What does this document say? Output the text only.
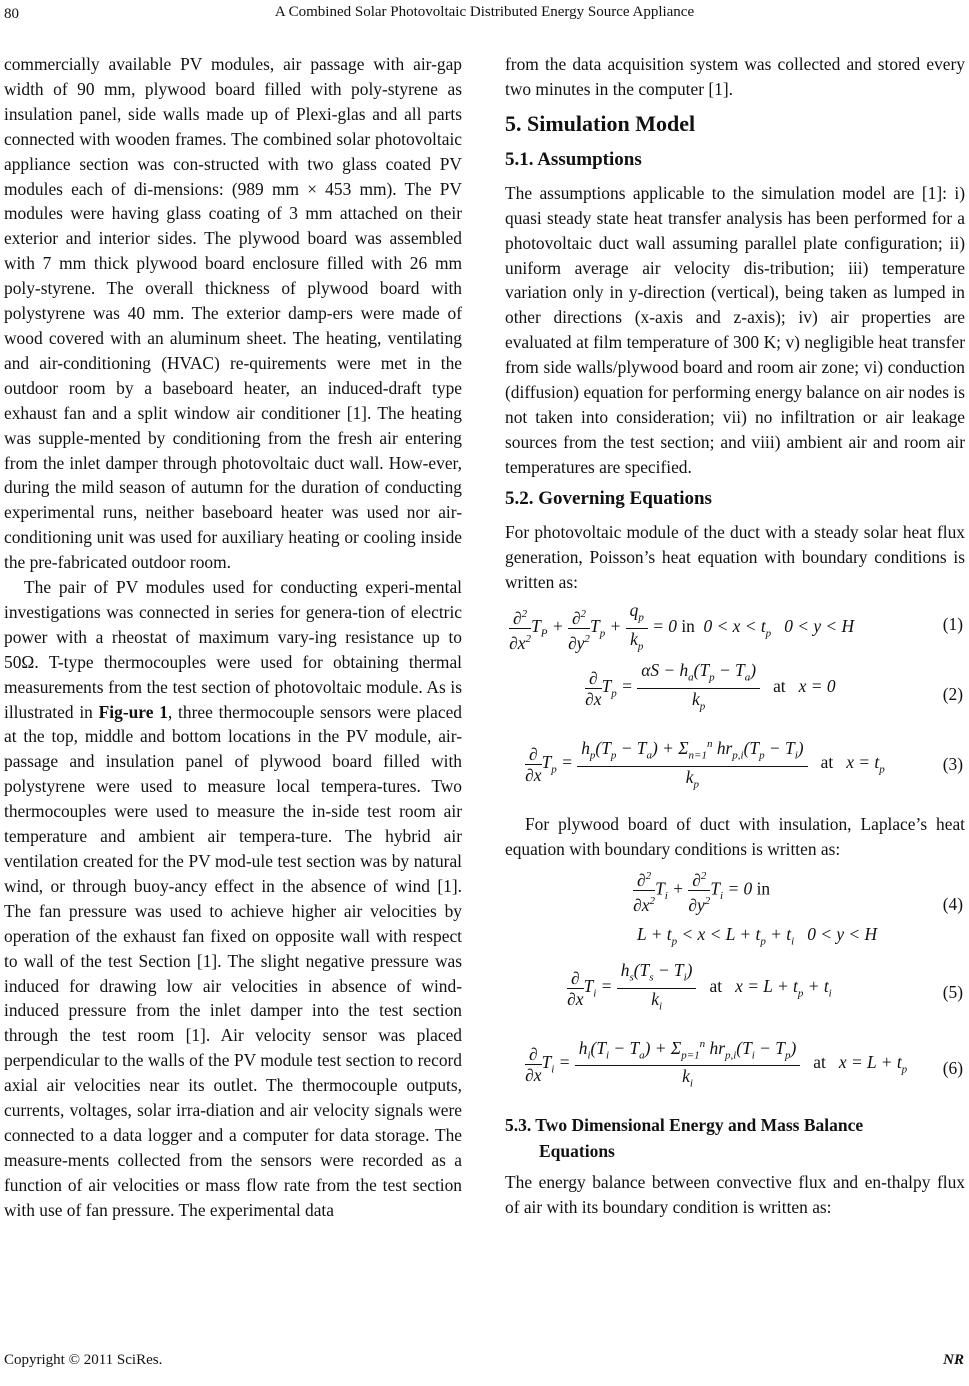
80	A Combined Solar Photovoltaic Distributed Energy Source Appliance

commercially available PV modules, air passage with air-gap width of 90 mm, plywood board filled with poly-styrene as insulation panel, side walls made up of Plexi-glas and all parts connected with wooden frames. The combined solar photovoltaic appliance section was con-structed with two glass coated PV modules each of di-mensions: (989 mm × 453 mm). The PV modules were having glass coating of 3 mm attached on their exterior and interior sides. The plywood board was assembled with 7 mm thick plywood board enclosure filled with 26 mm poly-styrene. The overall thickness of plywood board with polystyrene was 40 mm. The exterior damp-ers were made of wood covered with an aluminum sheet. The heating, ventilating and air-conditioning (HVAC) re-quirements were met in the outdoor room by a baseboard heater, an induced-draft type exhaust fan and a split window air conditioner [1]. The heating was supple-mented by conditioning from the fresh air entering from the inlet damper through photovoltaic duct wall. How-ever, during the mild season of autumn for the duration of conducting experimental runs, neither baseboard heater was used nor air-conditioning unit was used for auxiliary heating or cooling inside the pre-fabricated outdoor room.

The pair of PV modules used for conducting experi-mental investigations was connected in series for genera-tion of electric power with a rheostat of maximum vary-ing resistance up to 50Ω. T-type thermocouples were used for obtaining thermal measurements from the test section of photovoltaic module. As is illustrated in Fig-ure 1, three thermocouple sensors were placed at the top, middle and bottom locations in the PV module, air-passage and insulation panel of plywood board filled with polystyrene were used to measure local tempera-tures. Two thermocouples were used to measure the in-side test room air temperature and ambient air tempera-ture. The hybrid air ventilation created for the PV mod-ule test section was by natural wind, or through buoy-ancy effect in the absence of wind [1]. The fan pressure was used to achieve higher air velocities by operation of the exhaust fan fixed on opposite wall with respect to wall of the test Section [1]. The slight negative pressure was induced for drawing low air velocities in absence of wind-induced pressure from the inlet damper into the test section through the test room [1]. Air velocity sensor was placed perpendicular to the walls of the PV module test section to record axial air velocities near its outlet. The thermocouple outputs, currents, voltages, solar irra-diation and air velocity signals were connected to a data logger and a computer for data storage. The measure-ments collected from the sensors were recorded as a function of air velocities or mass flow rate from the test section with use of fan pressure. The experimental data

from the data acquisition system was collected and stored every two minutes in the computer [1].

5. Simulation Model
5.1. Assumptions

The assumptions applicable to the simulation model are [1]: i) quasi steady state heat transfer analysis has been performed for a photovoltaic duct wall assuming parallel plate configuration; ii) uniform average air velocity dis-tribution; iii) temperature variation only in y-direction (vertical), being taken as lumped in other directions (x-axis and z-axis); iv) air properties are evaluated at film temperature of 300 K; v) negligible heat transfer from side walls/plywood board and room air zone; vi) conduction (diffusion) equation for performing energy balance on air nodes is not taken into consideration; vii) no infiltration or air leakage sources from the test section; and viii) ambient air and room air temperatures are specified.

5.2. Governing Equations

For photovoltaic module of the duct with a steady solar heat flux generation, Poisson’s heat equation with boundary conditions is written as:

$\frac{\partial^2}{\partial x^2} T_P + \frac{\partial^2}{\partial y^2} T_p + \frac{q_p}{k_p} = 0$ in  $0 < x < t_p$   0 < y < H	(1)
$\frac{\partial}{\partial x} T_p = \frac{\alpha S - h_a(T_p - T_a)}{k_p}$ at   x = 0	(2)
$\frac{\partial}{\partial x} T_p = \frac{h_p(T_p - T_a) + \Sigma_{n=1}^n hr_{p,i}(T_p - T_i)}{k_p}$ at   $x = t_p$	(3)

For plywood board of duct with insulation, Laplace’s heat equation with boundary conditions is written as:

$\frac{\partial^2}{\partial x^2} T_i + \frac{\partial^2}{\partial y^2} T_i = 0$ in
$L + t_p < x < L + t_p + t_i$   0 < y < H
(4)
$\frac{\partial}{\partial x} T_i = \frac{h_s(T_s - T_i)}{k_i}$ at   $x = L + t_p + t_i$	(5)
$\frac{\partial}{\partial x} T_i = \frac{h_i(T_i - T_a) + \Sigma_{p=1}^n hr_{p,i}(T_i - T_p)}{k_i}$ at   $x = L + t_p$ (6)
5.3. Two Dimensional Energy and Mass Balance
Equations

The energy balance between convective flux and en-thalpy flux of air with its boundary condition is written as:

Copyright © 2011 SciRes.	NR
